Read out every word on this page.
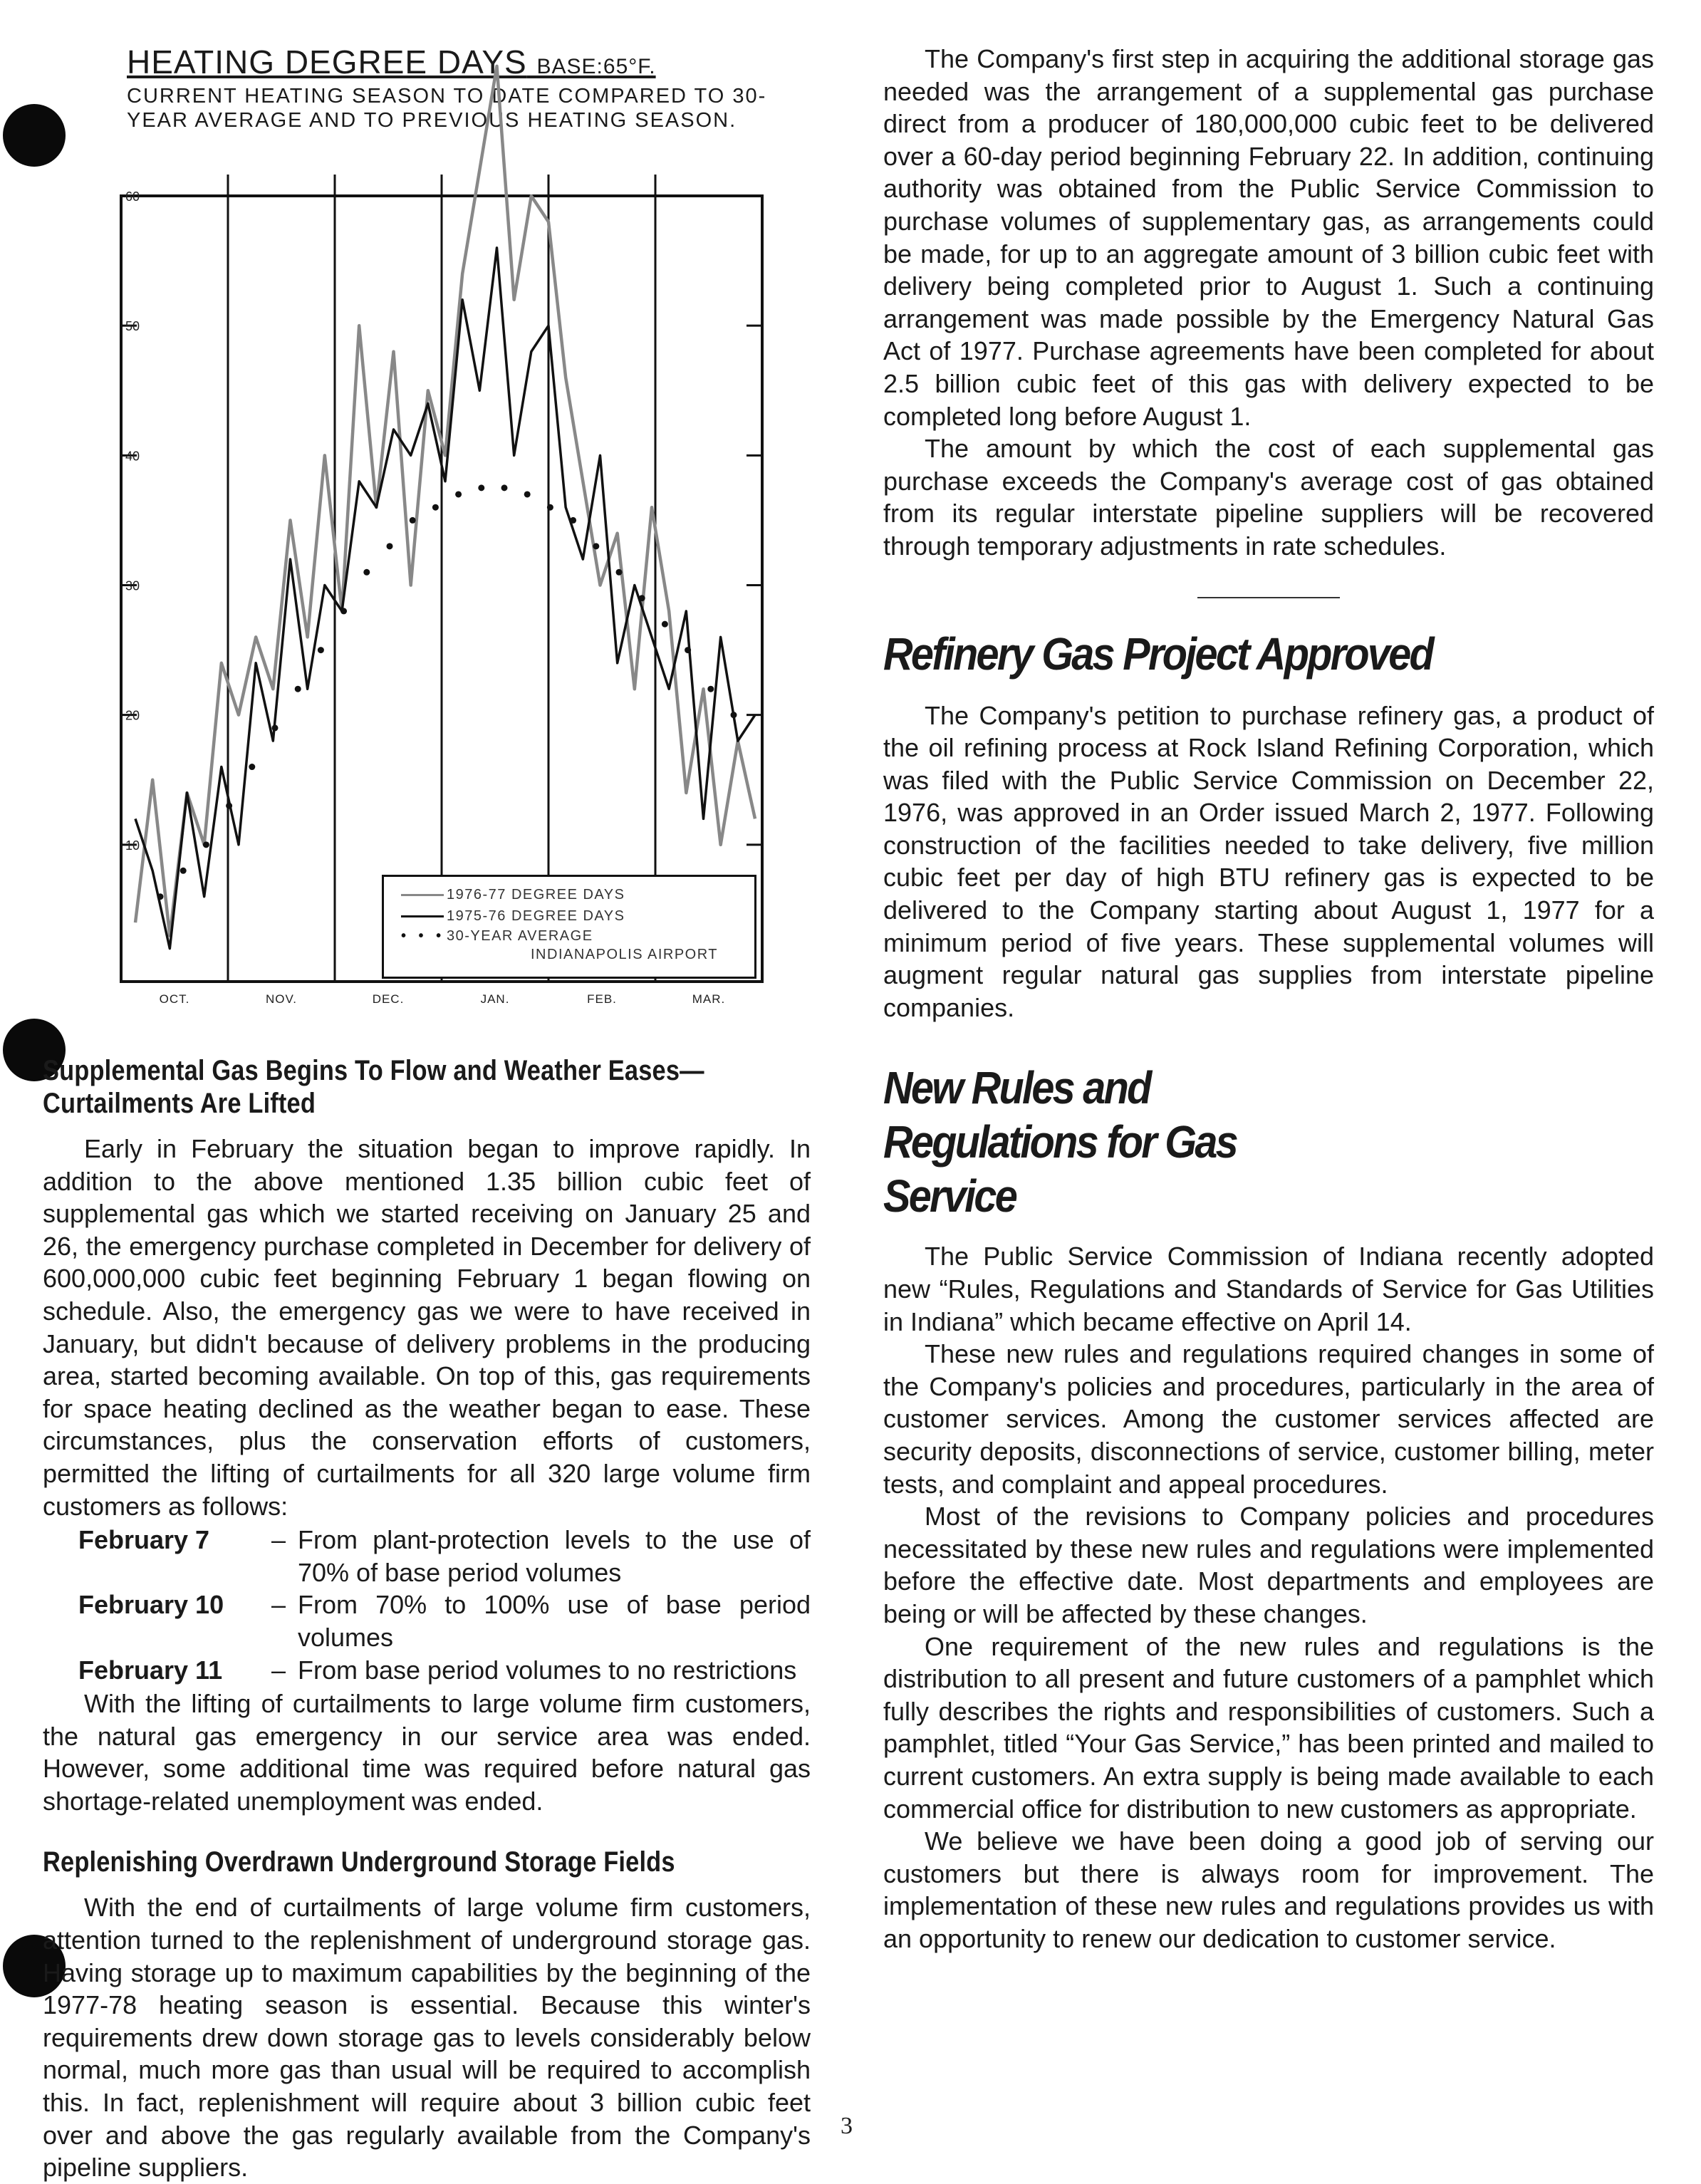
HEATING DEGREE DAYS BASE:65°F.
CURRENT HEATING SEASON TO DATE COMPARED TO 30-YEAR AVERAGE AND TO PREVIOUS HEATING SEASON.
60
50
40
30
20
10
OCT.	NOV.	DEC.	JAN.	FEB.	MAR.
1976-77 DEGREE DAYS
1975-76 DEGREE DAYS
• • •30-YEAR AVERAGE
INDIANAPOLIS AIRPORT
Supplemental Gas Begins To Flow and Weather Eases—Curtailments Are Lifted

Early in February the situation began to improve rapidly. In addition to the above mentioned 1.35 billion cubic feet of supplemental gas which we started receiving on January 25 and 26, the emergency purchase completed in December for delivery of 600,000,000 cubic feet beginning February 1 began flowing on schedule. Also, the emergency gas we were to have received in January, but didn't because of delivery problems in the producing area, started becoming available. On top of this, gas requirements for space heating declined as the weather began to ease. These circumstances, plus the conservation efforts of customers, permitted the lifting of curtailments for all 320 large volume firm customers as follows:

February 7	– From plant-protection levels to the use of 70% of base period volumes
February 10	– From 70% to 100% use of base period volumes
February 11	– From base period volumes to no restrictions

With the lifting of curtailments to large volume firm customers, the natural gas emergency in our service area was ended. However, some additional time was required before natural gas shortage-related unemployment was ended.

Replenishing Overdrawn Underground Storage Fields

With the end of curtailments of large volume firm customers, attention turned to the replenishment of underground storage gas. Having storage up to maximum capabilities by the beginning of the 1977-78 heating season is essential. Because this winter's requirements drew down storage gas to levels considerably below normal, much more gas than usual will be required to accomplish this. In fact, replenishment will require about 3 billion cubic feet over and above the gas regularly available from the Company's pipeline suppliers.

The Company's first step in acquiring the additional storage gas needed was the arrangement of a supplemental gas purchase direct from a producer of 180,000,000 cubic feet to be delivered over a 60-day period beginning February 22. In addition, continuing authority was obtained from the Public Service Commission to purchase volumes of supplementary gas, as arrangements could be made, for up to an aggregate amount of 3 billion cubic feet with delivery being completed prior to August 1. Such a continuing arrangement was made possible by the Emergency Natural Gas Act of 1977. Purchase agreements have been completed for about 2.5 billion cubic feet of this gas with delivery expected to be completed long before August 1.

The amount by which the cost of each supplemental gas purchase exceeds the Company's average cost of gas obtained from its regular interstate pipeline suppliers will be recovered through temporary adjustments in rate schedules.

Refinery Gas Project Approved

The Company's petition to purchase refinery gas, a product of the oil refining process at Rock Island Refining Corporation, which was filed with the Public Service Commission on December 22, 1976, was approved in an Order issued March 2, 1977. Following construction of the facilities needed to take delivery, five million cubic feet per day of high BTU refinery gas is expected to be delivered to the Company starting about August 1, 1977 for a minimum period of five years. These supplemental volumes will augment regular natural gas supplies from interstate pipeline companies.

New Rules and Regulations for Gas Service

The Public Service Commission of Indiana recently adopted new “Rules, Regulations and Standards of Service for Gas Utilities in Indiana” which became effective on April 14.

These new rules and regulations required changes in some of the Company's policies and procedures, particularly in the area of customer services. Among the customer services affected are security deposits, disconnections of service, customer billing, meter tests, and complaint and appeal procedures.

Most of the revisions to Company policies and procedures necessitated by these new rules and regulations were implemented before the effective date. Most departments and employees are being or will be affected by these changes.

One requirement of the new rules and regulations is the distribution to all present and future customers of a pamphlet which fully describes the rights and responsibilities of customers. Such a pamphlet, titled “Your Gas Service,” has been printed and mailed to current customers. An extra supply is being made available to each commercial office for distribution to new customers as appropriate.

We believe we have been doing a good job of serving our customers but there is always room for improvement. The implementation of these new rules and regulations provides us with an opportunity to renew our dedication to customer service.

3
